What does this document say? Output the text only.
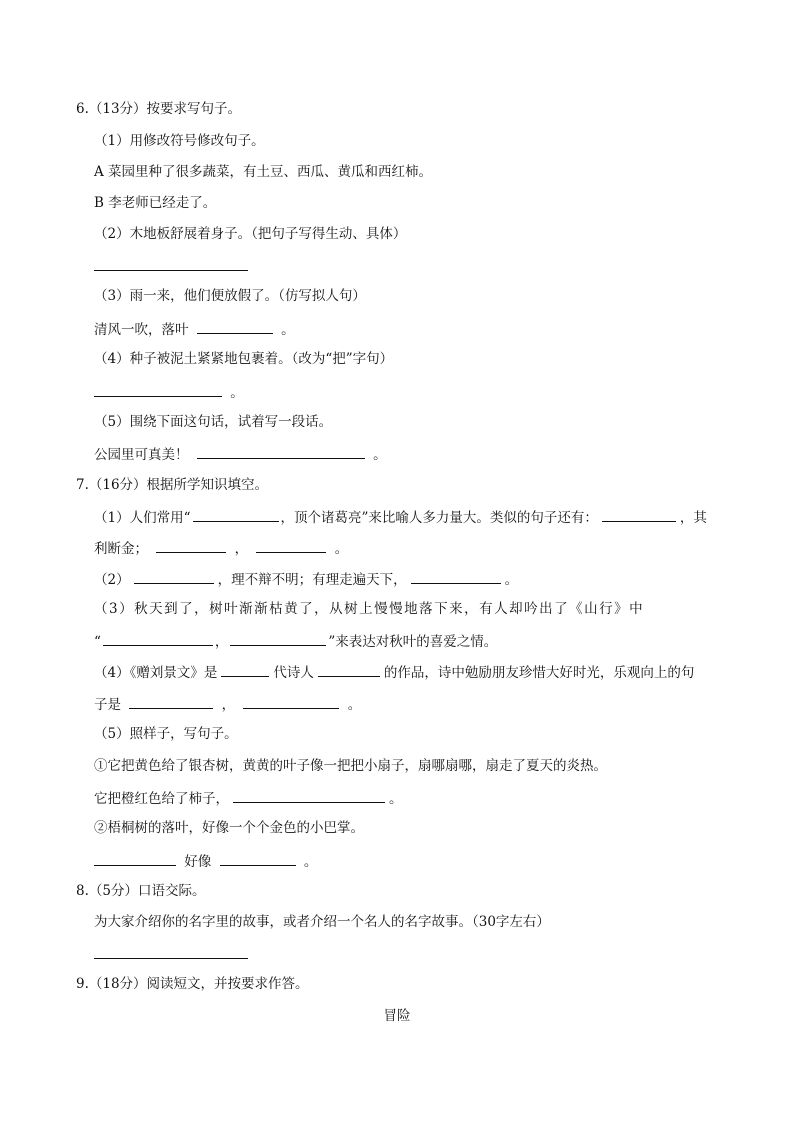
6.（13分）按要求写句子。
（1）用修改符号修改句子。
A 菜园里种了很多蔬菜，有土豆、西瓜、黄瓜和西红柿。
B 李老师已经走了。
（2）木地板舒展着身子。（把句子写得生动、具体）
（3）雨一来，他们便放假了。（仿写拟人句）
清风一吹，落叶	。
（4）种子被泥土紧紧地包裹着。（改为“把”字句）
。
（5）围绕下面这句话，试着写一段话。
公园里可真美！	。
7.（16分）根据所学知识填空。
（1）人们常用“	，顶个诸葛亮”来比喻人多力量大。类似的句子还有：	，其
利断金；	，	。
（2）	，理不辩不明；有理走遍天下，	。
（3）秋天到了，树叶渐渐枯黄了，从树上慢慢地落下来，有人却吟出了《山行》中
“	，	”来表达对秋叶的喜爱之情。
（4）《赠刘景文》是	代诗人	的作品，诗中勉励朋友珍惜大好时光，乐观向上的句
子是	，	。
（5）照样子，写句子。
①它把黄色给了银杏树，黄黄的叶子像一把把小扇子，扇哪扇哪，扇走了夏天的炎热。
它把橙红色给了柿子，	。
②梧桐树的落叶，好像一个个金色的小巴掌。
好像	。
8.（5分）口语交际。
为大家介绍你的名字里的故事，或者介绍一个名人的名字故事。（30字左右）
9.（18分）阅读短文，并按要求作答。
冒险
